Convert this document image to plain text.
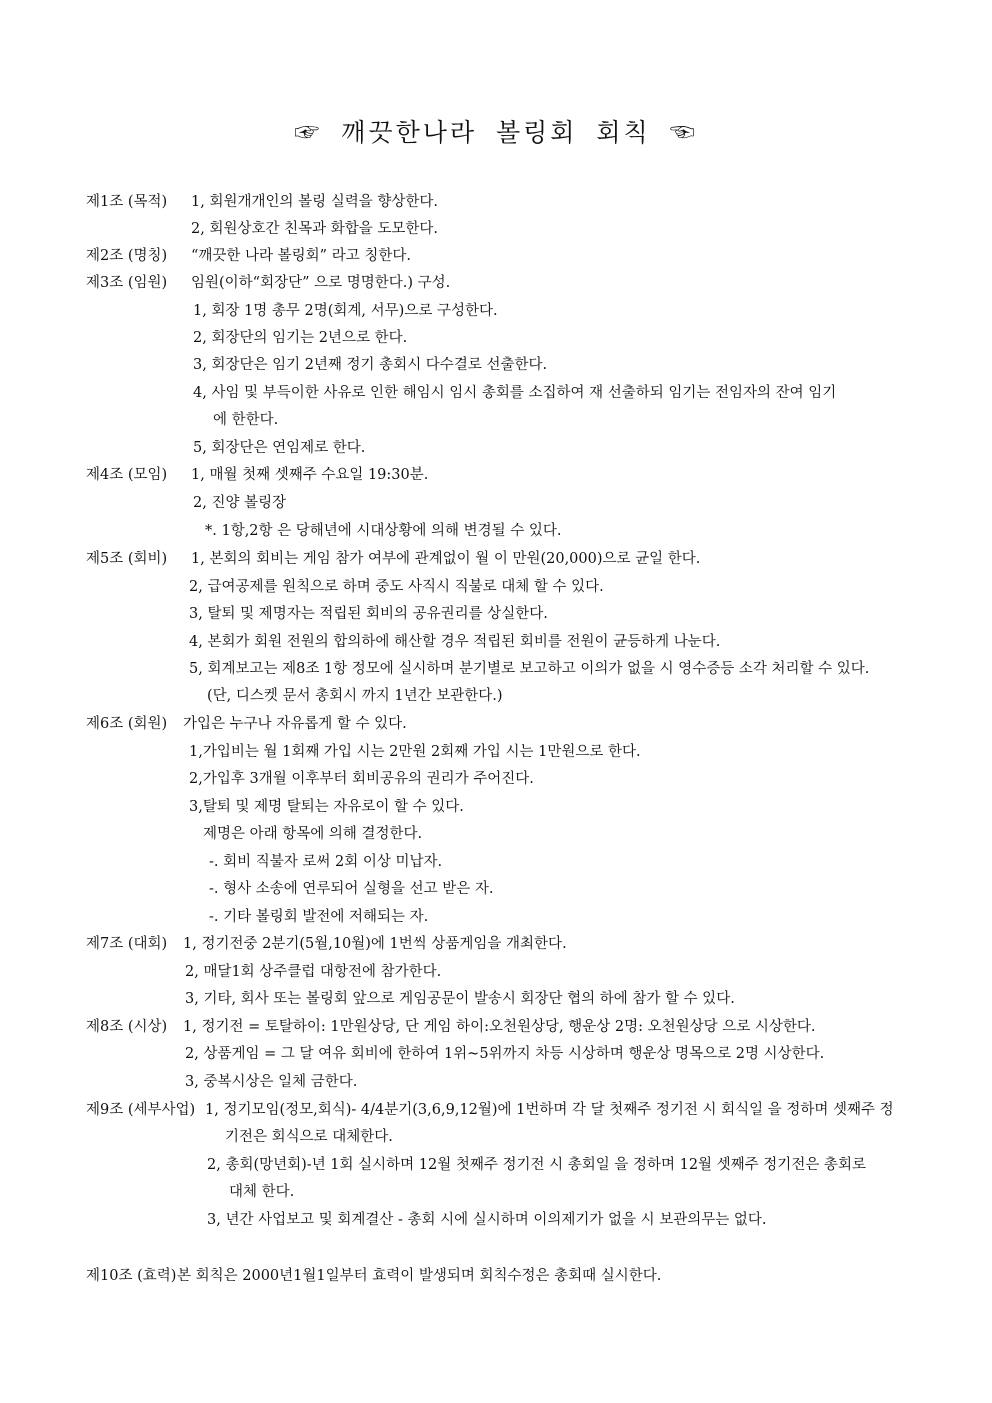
☞ 깨끗한나라 볼링회 회칙 ☜
제1조 (목적) 1, 회원개개인의 볼링 실력을 향상한다.
2, 회원상호간 친목과 화합을 도모한다.
제2조 (명칭) “깨끗한 나라 볼링회” 라고 칭한다.
제3조 (임원) 임원(이하“회장단” 으로 명명한다.) 구성.
1, 회장 1명 총무 2명(회계, 서무)으로 구성한다.
2, 회장단의 임기는 2년으로 한다.
3, 회장단은 임기 2년째 정기 총회시 다수결로 선출한다.
4, 사임 및 부득이한 사유로 인한 해임시 임시 총회를 소집하여 재 선출하되 임기는 전임자의 잔여 임기
에 한한다.
5, 회장단은 연임제로 한다.
제4조 (모임) 1, 매월 첫째 셋째주 수요일 19:30분.
2, 진양 볼링장
*. 1항,2항 은 당해년에 시대상황에 의해 변경될 수 있다.
제5조 (회비) 1, 본회의 회비는 게임 참가 여부에 관계없이 월 이 만원(20,000)으로 균일 한다.
2, 급여공제를 원칙으로 하며 중도 사직시 직불로 대체 할 수 있다.
3, 탈퇴 및 제명자는 적립된 회비의 공유권리를 상실한다.
4, 본회가 회원 전원의 합의하에 해산할 경우 적립된 회비를 전원이 균등하게 나눈다.
5, 회계보고는 제8조 1항 정모에 실시하며 분기별로 보고하고 이의가 없을 시 영수증등 소각 처리할 수 있다.
(단, 디스켓 문서 총회시 까지 1년간 보관한다.)
제6조 (회원) 가입은 누구나 자유롭게 할 수 있다.
1,가입비는 월 1회째 가입 시는 2만원 2회째 가입 시는 1만원으로 한다.
2,가입후 3개월 이후부터 회비공유의 권리가 주어진다.
3,탈퇴 및 제명 탈퇴는 자유로이 할 수 있다.
제명은 아래 항목에 의해 결정한다.
-. 회비 직불자 로써 2회 이상 미납자.
-. 형사 소송에 연루되어 실형을 선고 받은 자.
-. 기타 볼링회 발전에 저해되는 자.
제7조 (대회) 1, 정기전중 2분기(5월,10월)에 1번씩 상품게임을 개최한다.
2, 매달1회 상주클럽 대항전에 참가한다.
3, 기타, 회사 또는 볼링회 앞으로 게임공문이 발송시 회장단 협의 하에 참가 할 수 있다.
제8조 (시상) 1, 정기전 = 토탈하이: 1만원상당, 단 게임 하이:오천원상당, 행운상 2명: 오천원상당 으로 시상한다.
2, 상품게임 = 그 달 여유 회비에 한하여 1위~5위까지 차등 시상하며 행운상 명목으로 2명 시상한다.
3, 중복시상은 일체 금한다.
제9조 (세부사업) 1, 정기모임(정모,회식)- 4/4분기(3,6,9,12월)에 1번하며 각 달 첫째주 정기전 시 회식일 을 정하며 셋째주 정
기전은 회식으로 대체한다.
2, 총회(망년회)-년 1회 실시하며 12월 첫째주 정기전 시 총회일 을 정하며 12월 셋째주 정기전은 총회로
대체 한다.
3, 년간 사업보고 및 회계결산 - 총회 시에 실시하며 이의제기가 없을 시 보관의무는 없다.
제10조 (효력) 본 회칙은 2000년1월1일부터 효력이 발생되며 회칙수정은 총회때 실시한다.
